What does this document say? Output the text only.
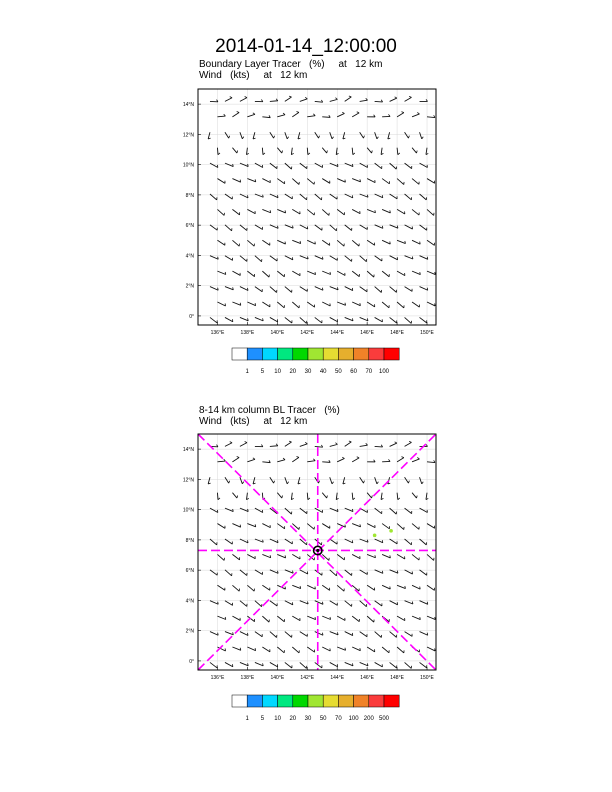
2014-01-14_12:00:00
Boundary Layer Tracer   (%)     at   12 km
Wind   (kts)     at   12 km
136°E	138°E	140°E	142°E	144°E	146°E	148°E	150°E
0°
2°N
4°N
6°N
8°N
10°N
12°N
14°N
1 5 10 20 30 40 50 60 70 100
8-14 km column BL Tracer   (%)
Wind   (kts)     at   12 km
136°E	138°E	140°E	142°E	144°E	146°E	148°E	150°E
0°
2°N
4°N
6°N
8°N
10°N
12°N
14°N
1 5 10 20 30 50 70 100 200 500
